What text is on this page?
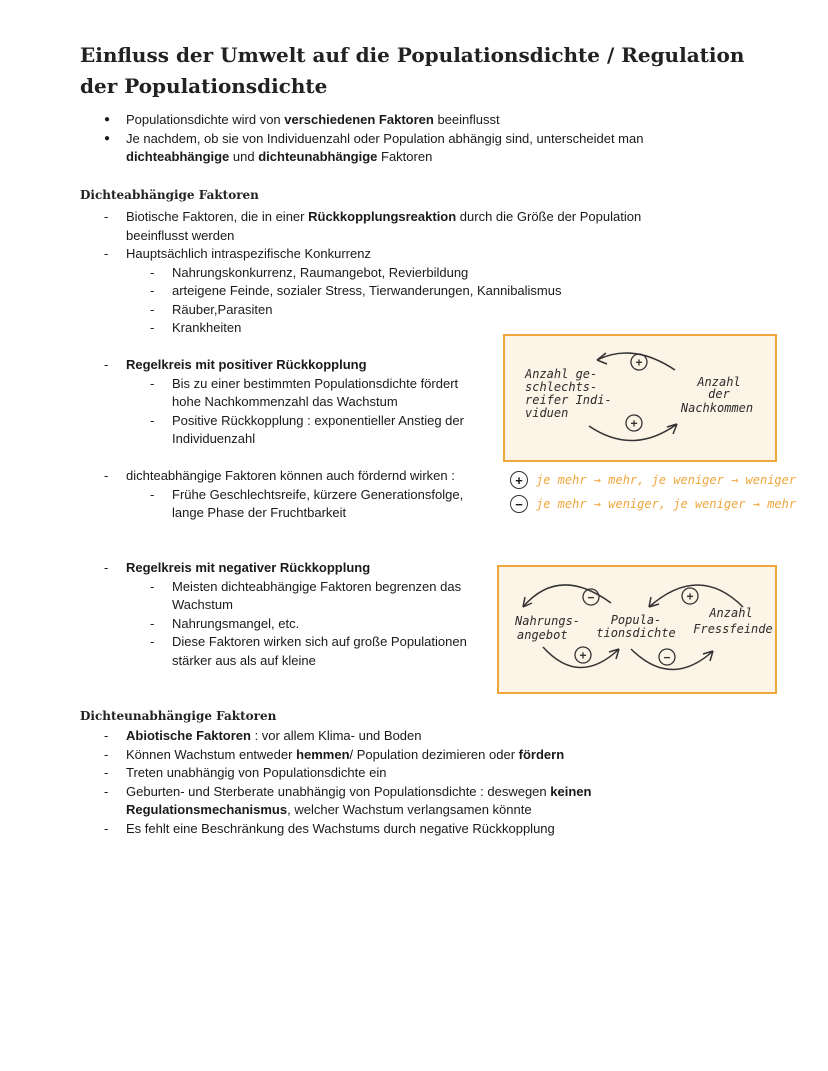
Einfluss der Umwelt auf die Populationsdichte / Regulation der Populationsdichte
● Populationsdichte wird von verschiedenen Faktoren beeinflusst
● Je nachdem, ob sie von Individuenzahl oder Population abhängig sind, unterscheidet man dichteabhängige und dichteunabhängige Faktoren
Dichteabhängige Faktoren
- Biotische Faktoren, die in einer Rückkopplungsreaktion durch die Größe der Population beeinflusst werden
- Hauptsächlich intraspezifische Konkurrenz
- Nahrungskonkurrenz, Raumangebot, Revierbildung
- arteigene Feinde, sozialer Stress, Tierwanderungen, Kannibalismus
- Räuber,Parasiten
- Krankheiten
- Regelkreis mit positiver Rückkopplung
- Bis zu einer bestimmten Populationsdichte fördert hohe Nachkommenzahl das Wachstum
- Positive Rückkopplung : exponentieller Anstieg der Individuenzahl
- dichteabhängige Faktoren können auch fördernd wirken :
- Frühe Geschlechtsreife, kürzere Generationsfolge, lange Phase der Fruchtbarkeit
- Regelkreis mit negativer Rückkopplung
- Meisten dichteabhängige Faktoren begrenzen das Wachstum
- Nahrungsmangel, etc.
- Diese Faktoren wirken sich auf große Populationen stärker aus als auf kleine
+
+
Anzahl ge-
schlechts-
reifer Indi-
viduen
Anzahl
der
Nachkommen
+	je mehr → mehr, je weniger → weniger
−	je mehr → weniger, je weniger → mehr
−
+
+
−
Nahrungs-
angebot
Popula-
tionsdichte
Anzahl
Fressfeinde
Dichteunabhängige Faktoren
- Abiotische Faktoren : vor allem Klima- und Boden
- Können Wachstum entweder hemmen/ Population dezimieren oder fördern
- Treten unabhängig von Populationsdichte ein
- Geburten- und Sterberate unabhängig von Populationsdichte : deswegen keinen Regulationsmechanismus, welcher Wachstum verlangsamen könnte
- Es fehlt eine Beschränkung des Wachstums durch negative Rückkopplung
